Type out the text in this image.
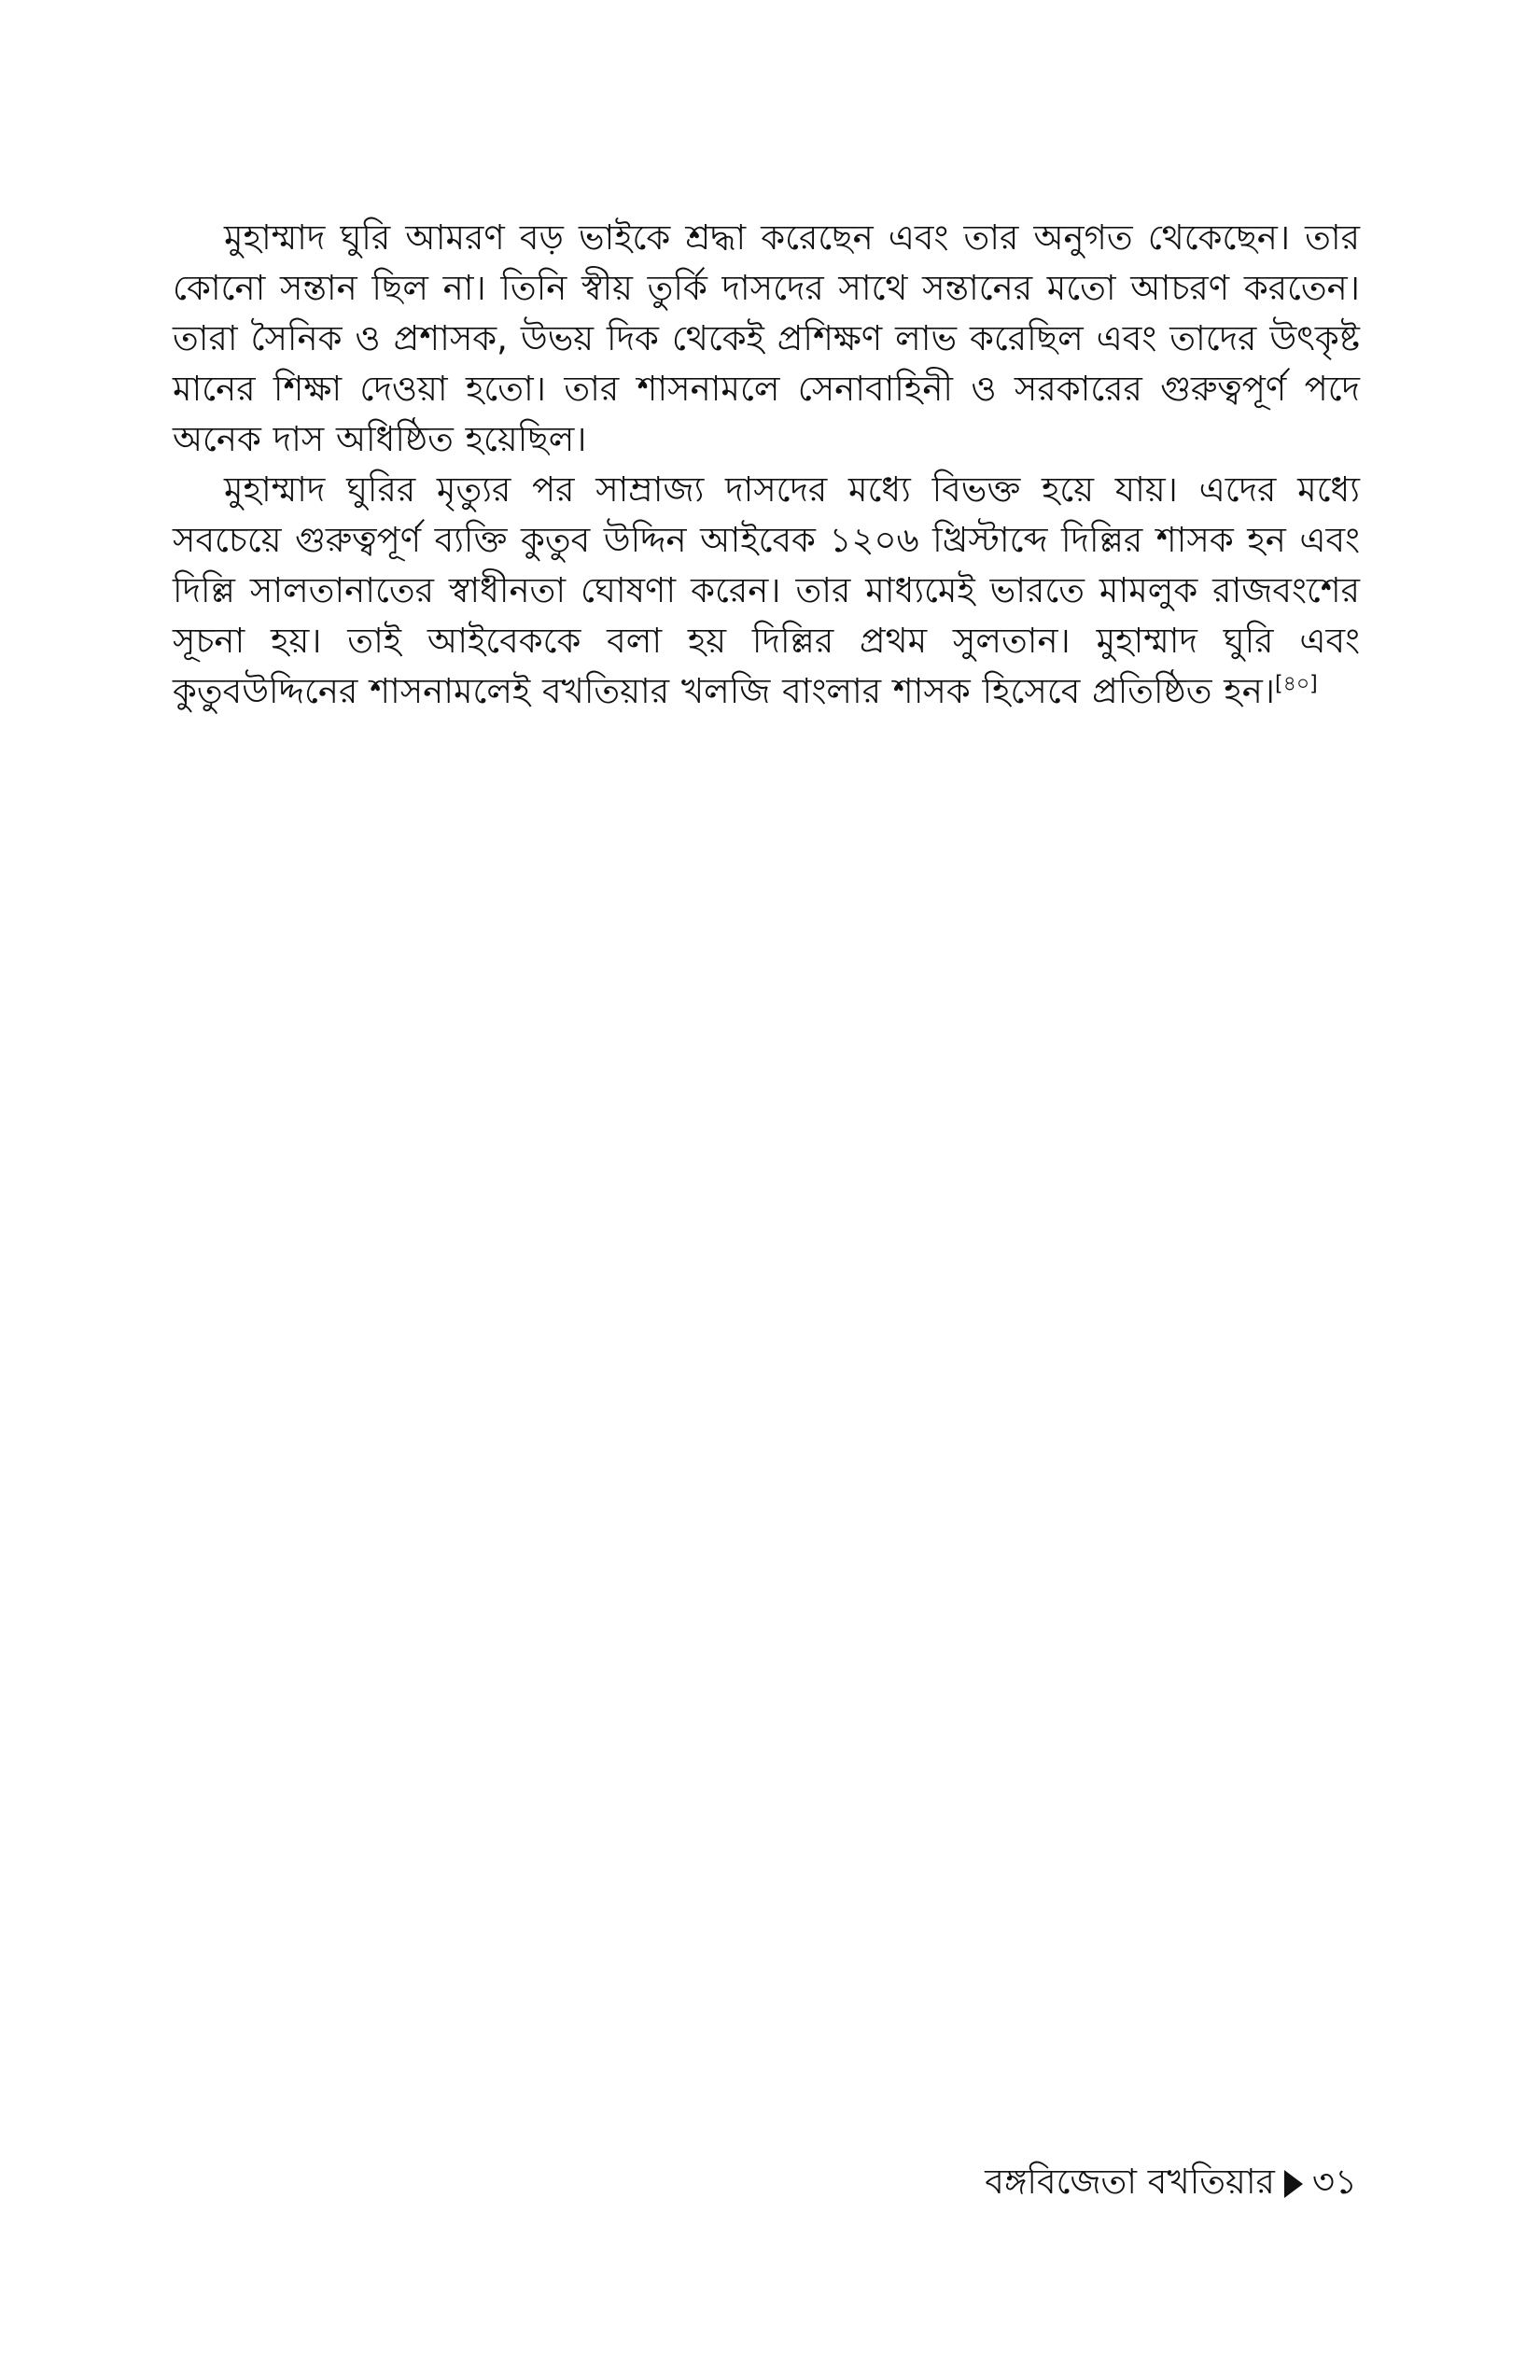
মুহাম্মাদ ঘুরি আমরণ বড় ভাইকে শ্রদ্ধা করেছেন এবং তার অনুগত থেকেছেন। তার কোনো সন্তান ছিল না। তিনি স্বীয় তুর্কি দাসদের সাথে সন্তানের মতো আচরণ করতেন। তারা সৈনিক ও প্রশাসক, উভয় দিক থেকেই প্রশিক্ষণ লাভ করেছিল এবং তাদের উৎকৃষ্ট মানের শিক্ষা দেওয়া হতো। তার শাসনামলে সেনাবাহিনী ও সরকারের গুরুত্বপূর্ণ পদে অনেক দাস অধিষ্ঠিত হয়েছিল।

মুহাম্মাদ ঘুরির মৃত্যুর পর সাম্রাজ্য দাসদের মধ্যে বিভক্ত হয়ে যায়। এদের মধ্যে সবচেয়ে গুরুত্বপূর্ণ ব্যক্তি কুতুব উদ্দিন আইবেক ১২০৬ খ্রিস্টাব্দে দিল্লির শাসক হন এবং দিল্লি সালতানাতের স্বাধীনতা ঘোষণা করেন। তার মাধ্যমেই ভারতে মামলুক রাজবংশের সূচনা হয়। তাই আইবেককে বলা হয় দিল্লির প্রথম সুলতান। মুহাম্মাদ ঘুরি এবং কুতুবউদ্দিনের শাসনামলেই বখতিয়ার খলজি বাংলার শাসক হিসেবে প্রতিষ্ঠিত হন।[৪০]

বঙ্গবিজেতা বখতিয়ার ৩১
